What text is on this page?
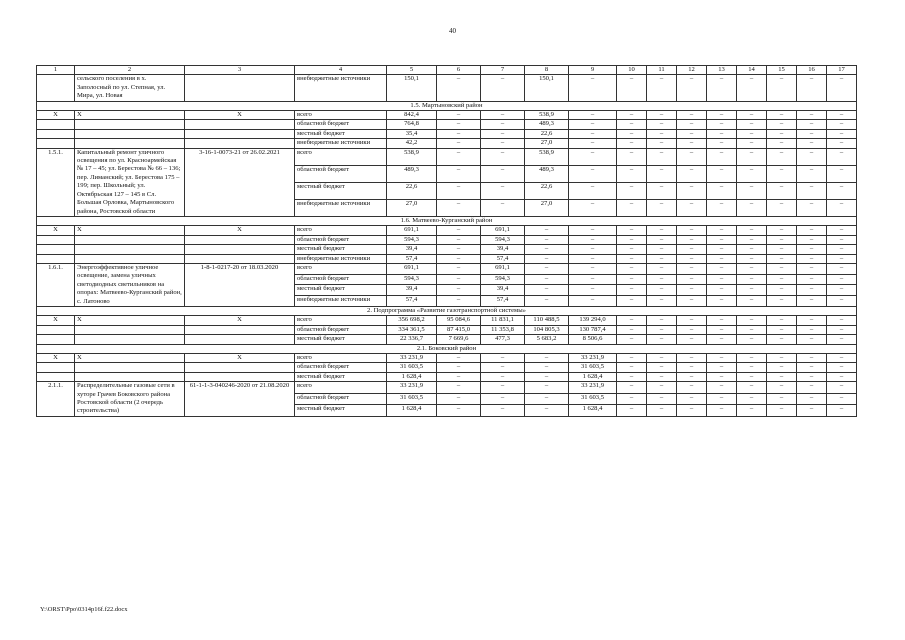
40
1	2	3	4	5	6	7	8	9	10	11	12	13	14	15	16	17
	сельского поселения в х. Заполосный по ул. Степная, ул. Мира, ул. Новая		внебюджетные источники	150,1	–	–	150,1	–	–	–	–	–	–	–	–	–
1.5. Мартыновский район																
Х	Х	Х	всего	842,4	–	–	538,9	–	–	–	–	–	–	–	–	–
			областной бюджет	764,8	–	–	489,3	–	–	–	–	–	–	–	–	–
			местный бюджет	35,4	–	–	22,6	–	–	–	–	–	–	–	–	–
			внебюджетные источники	42,2	–	–	27,0	–	–	–	–	–	–	–	–	–
1.5.1.	Капитальный ремонт уличного освещения по ул. Красноармейская № 17 – 45; ул. Берестова № 66 – 136; пер. Лиманский; ул. Берестова 175 – 199; пер. Школьный; ул. Октябрьская 127 – 145 в Сл. Большая Орловка, Мартыновского района, Ростовской области	3-16-1-0073-21 от 26.02.2021	всего	538,9	–	–	538,9	–	–	–	–	–	–	–	–	–
			областной бюджет	489,3	–	–	489,3	–	–	–	–	–	–	–	–	–
			местный бюджет	22,6	–	–	22,6	–	–	–	–	–	–	–	–	–
			внебюджетные источники	27,0	–	–	27,0	–	–	–	–	–	–	–	–	–
1.6. Матвеево-Курганский район																
Х	Х	Х	всего	691,1	–	691,1	–	–	–	–	–	–	–	–	–	–
			областной бюджет	594,3	–	594,3	–	–	–	–	–	–	–	–	–	–
			местный бюджет	39,4	–	39,4	–	–	–	–	–	–	–	–	–	–
			внебюджетные источники	57,4	–	57,4	–	–	–	–	–	–	–	–	–	–
1.6.1.	Энергоэффективное уличное освещение, замена уличных светодиодных светильников на опорах: Матвеево-Курганский район, с. Латоново	1-8-1-0217-20 от 18.03.2020	всего	691,1	–	691,1	–	–	–	–	–	–	–	–	–	–
			областной бюджет	594,3	–	594,3	–	–	–	–	–	–	–	–	–	–
			местный бюджет	39,4	–	39,4	–	–	–	–	–	–	–	–	–	–
			внебюджетные источники	57,4	–	57,4	–	–	–	–	–	–	–	–	–	–
2. Подпрограмма «Развитие газотранспортной системы»																
Х	Х	Х	всего	356 698,2	95 084,6	11 831,1	110 488,5	139 294,0	–	–	–	–	–	–	–	–
			областной бюджет	334 361,5	87 415,0	11 353,8	104 805,3	130 787,4	–	–	–	–	–	–	–	–
			местный бюджет	22 336,7	7 669,6	477,3	5 683,2	8 506,6	–	–	–	–	–	–	–	–
2.1. Боковский район																
Х	Х	Х	всего	33 231,9	–	–	–	33 231,9	–	–	–	–	–	–	–	–
			областной бюджет	31 603,5	–	–	–	31 603,5	–	–	–	–	–	–	–	–
			местный бюджет	1 628,4	–	–	–	1 628,4	–	–	–	–	–	–	–	–
2.1.1.	Распределительные газовые сети в хуторе Грачев Боковского района Ростовской области (2 очередь строительства)	61-1-1-3-040246-2020 от 21.08.2020	всего	33 231,9	–	–	–	33 231,9	–	–	–	–	–	–	–	–
			областной бюджет	31 603,5	–	–	–	31 603,5	–	–	–	–	–	–	–	–
			местный бюджет	1 628,4	–	–	–	1 628,4	–	–	–	–	–	–	–	–
Y:\ORST\Ppo\0314p16f.f22.docx
